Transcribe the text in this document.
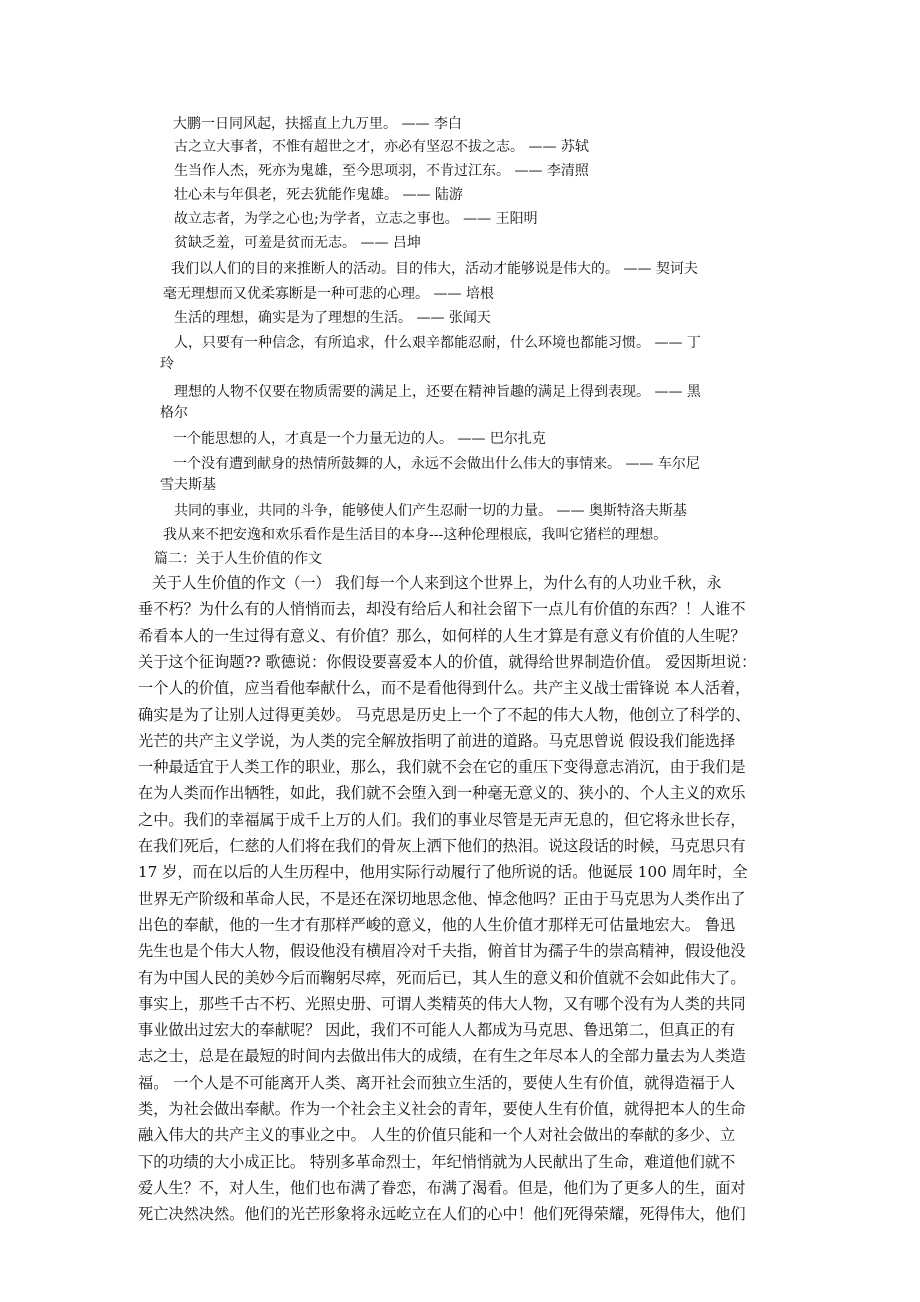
大鹏一日同风起，扶摇直上九万里。 —— 李白
古之立大事者，不惟有超世之才，亦必有坚忍不拔之志。 —— 苏轼
生当作人杰，死亦为鬼雄，至今思项羽，不肯过江东。 —— 李清照
壮心未与年俱老，死去犹能作鬼雄。 —— 陆游
故立志者，为学之心也;为学者，立志之事也。 —— 王阳明
贫缺乏羞，可羞是贫而无志。 —— 吕坤
我们以人们的目的来推断人的活动。目的伟大，活动才能够说是伟大的。 —— 契诃夫
毫无理想而又优柔寡断是一种可悲的心理。 —— 培根
生活的理想，确实是为了理想的生活。 —— 张闻天
人，只要有一种信念，有所追求，什么艰辛都能忍耐，什么环境也都能习惯。 —— 丁
玲
理想的人物不仅要在物质需要的满足上，还要在精神旨趣的满足上得到表现。 —— 黑
格尔
一个能思想的人，才真是一个力量无边的人。 —— 巴尔扎克
一个没有遭到献身的热情所鼓舞的人，永远不会做出什么伟大的事情来。 —— 车尔尼
雪夫斯基
共同的事业，共同的斗争，能够使人们产生忍耐一切的力量。 —— 奥斯特洛夫斯基
我从来不把安逸和欢乐看作是生活目的本身---这种伦理根底，我叫它猪栏的理想。
篇二：关于人生价值的作文
关于人生价值的作文（一） 我们每一个人来到这个世界上，为什么有的人功业千秋，永
垂不朽？为什么有的人悄悄而去，却没有给后人和社会留下一点儿有价值的东西？！人谁不
希看本人的一生过得有意义、有价值？那么，如何样的人生才算是有意义有价值的人生呢？
关于这个征询题?? 歌德说：你假设要喜爱本人的价值，就得给世界制造价值。 爱因斯坦说：
一个人的价值，应当看他奉献什么，而不是看他得到什么。共产主义战士雷锋说 本人活着，
确实是为了让别人过得更美妙。 马克思是历史上一个了不起的伟大人物，他创立了科学的、
光芒的共产主义学说，为人类的完全解放指明了前进的道路。马克思曾说 假设我们能选择
一种最适宜于人类工作的职业，那么，我们就不会在它的重压下变得意志消沉，由于我们是
在为人类而作出牺牲，如此，我们就不会堕入到一种毫无意义的、狭小的、个人主义的欢乐
之中。我们的幸福属于成千上万的人们。我们的事业尽管是无声无息的，但它将永世长存，
在我们死后，仁慈的人们将在我们的骨灰上洒下他们的热泪。说这段话的时候，马克思只有
17 岁，而在以后的人生历程中，他用实际行动履行了他所说的话。他诞辰 100 周年时，全
世界无产阶级和革命人民，不是还在深切地思念他、悼念他吗？正由于马克思为人类作出了
出色的奉献，他的一生才有那样严峻的意义，他的人生价值才那样无可估量地宏大。 鲁迅
先生也是个伟大人物，假设他没有横眉冷对千夫指，俯首甘为孺子牛的崇高精神，假设他没
有为中国人民的美妙今后而鞠躬尽瘁，死而后已，其人生的意义和价值就不会如此伟大了。
事实上，那些千古不朽、光照史册、可谓人类精英的伟大人物，又有哪个没有为人类的共同
事业做出过宏大的奉献呢？ 因此，我们不可能人人都成为马克思、鲁迅第二，但真正的有
志之士，总是在最短的时间内去做出伟大的成绩，在有生之年尽本人的全部力量去为人类造
福。 一个人是不可能离开人类、离开社会而独立生活的，要使人生有价值，就得造福于人
类，为社会做出奉献。作为一个社会主义社会的青年，要使人生有价值，就得把本人的生命
融入伟大的共产主义的事业之中。 人生的价值只能和一个人对社会做出的奉献的多少、立
下的功绩的大小成正比。 特别多革命烈士，年纪悄悄就为人民献出了生命，难道他们就不
爱人生？不，对人生，他们也布满了眷恋，布满了渴看。但是，他们为了更多人的生，面对
死亡决然决然。他们的光芒形象将永远屹立在人们的心中！他们死得荣耀，死得伟大，他们
